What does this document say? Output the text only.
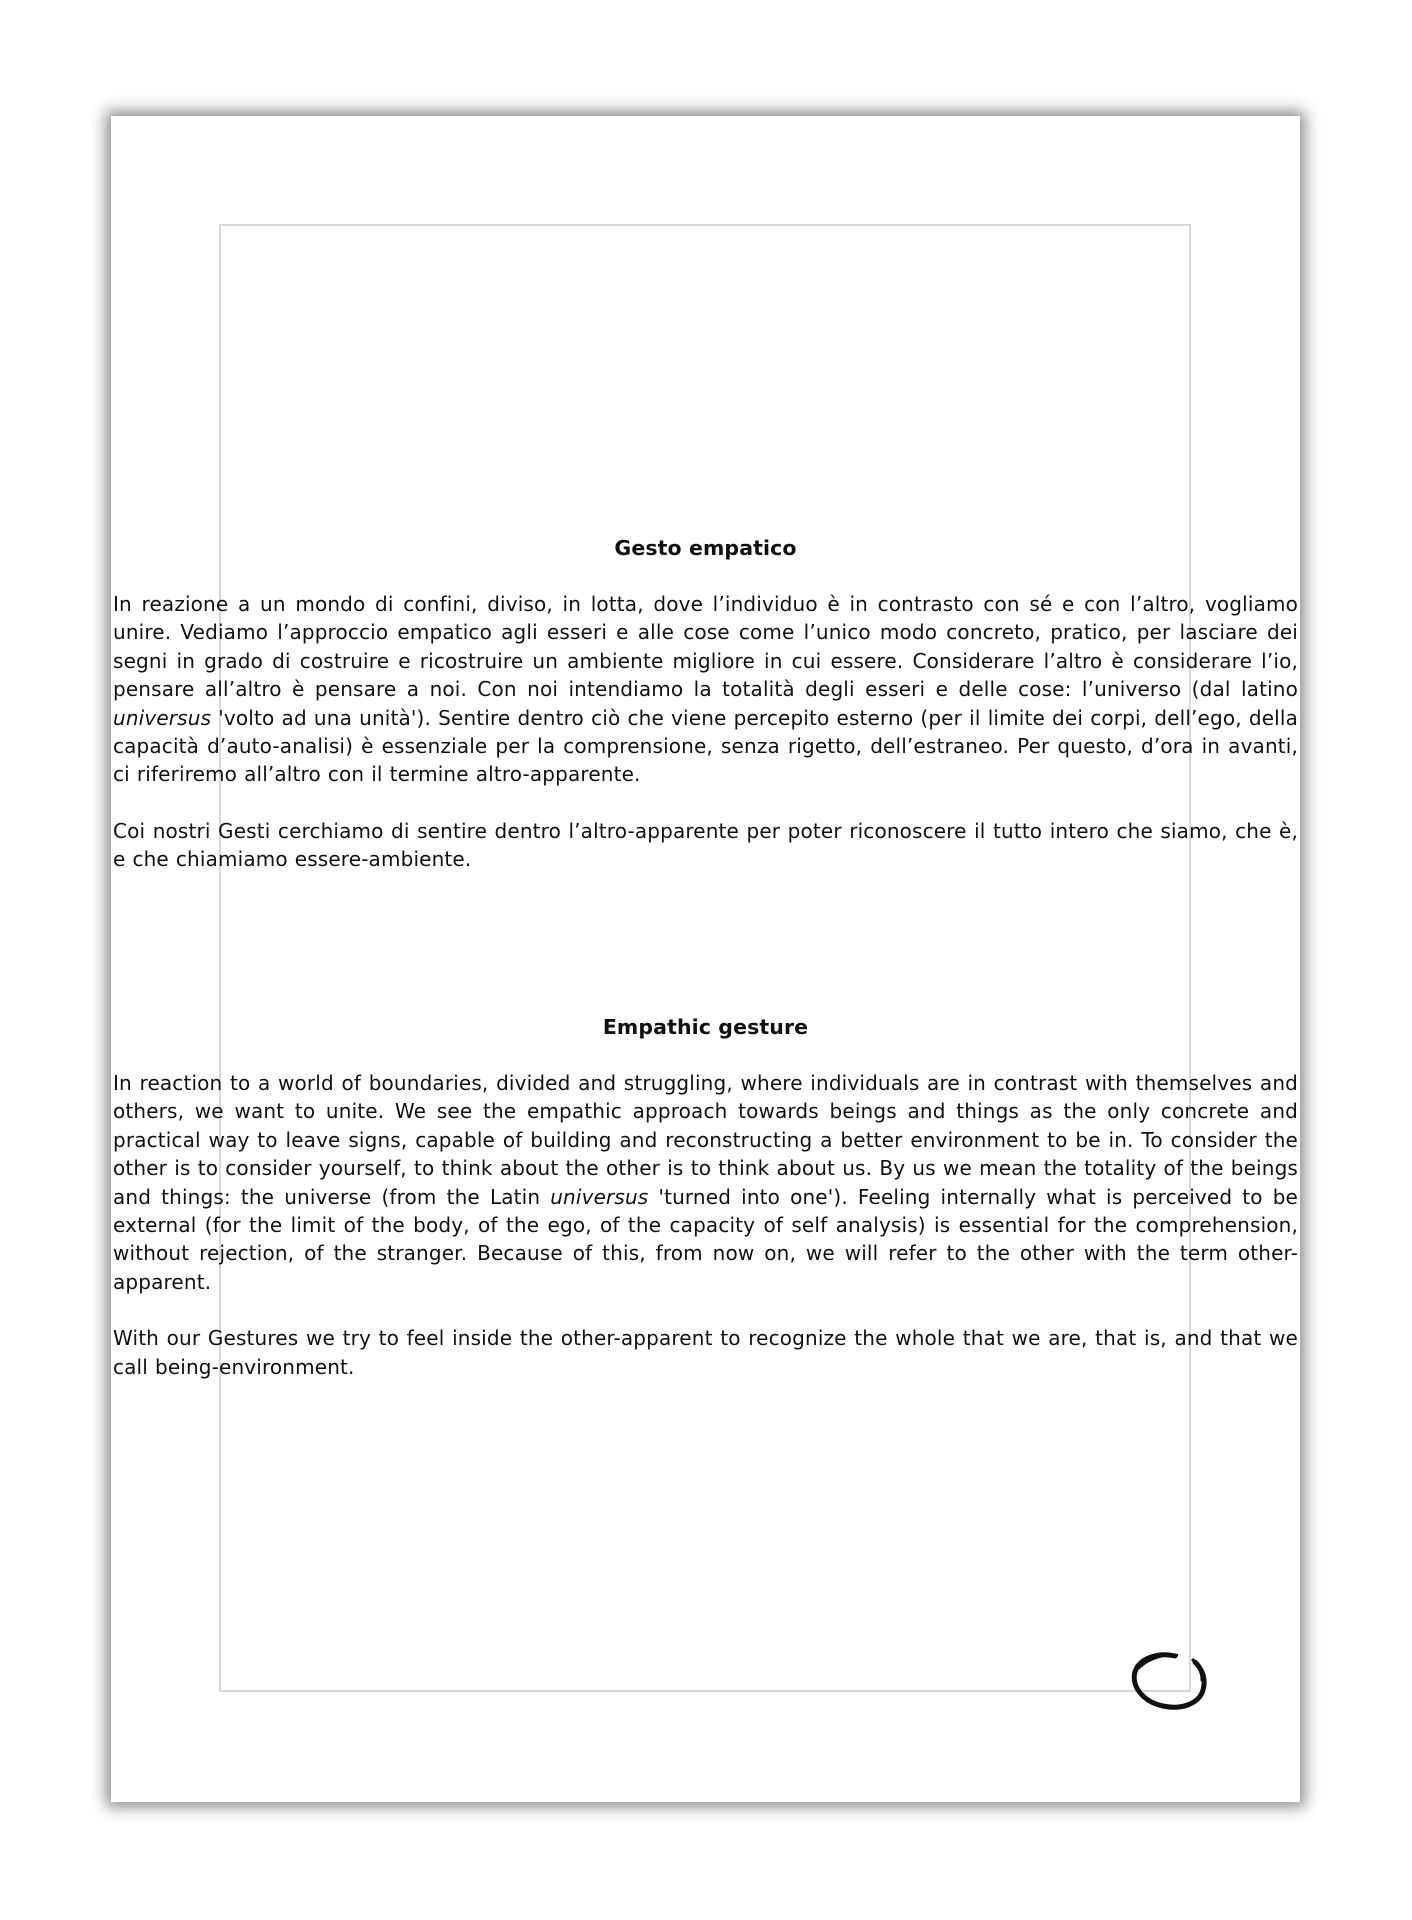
Gesto empatico

In reazione a un mondo di confini, diviso, in lotta, dove l’individuo è in contrasto con sé e con l’altro, vogliamo unire. Vediamo l’approccio empatico agli esseri e alle cose come l’unico modo concreto, pratico, per lasciare dei segni in grado di costruire e ricostruire un ambiente migliore in cui essere. Considerare l’altro è considerare l’io, pensare all’altro è pensare a noi. Con noi intendiamo la totalità degli esseri e delle cose: l’universo (dal latino universus 'volto ad una unità'). Sentire dentro ciò che viene percepito esterno (per il limite dei corpi, dell’ego, della capacità d’auto-analisi) è essenziale per la comprensione, senza rigetto, dell’estraneo. Per questo, d’ora in avanti, ci riferiremo all’altro con il termine altro-apparente.

Coi nostri Gesti cerchiamo di sentire dentro l’altro-apparente per poter riconoscere il tutto intero che siamo, che è, e che chiamiamo essere-ambiente.

Empathic gesture

In reaction to a world of boundaries, divided and struggling, where individuals are in contrast with themselves and others, we want to unite. We see the empathic approach towards beings and things as the only concrete and practical way to leave signs, capable of building and reconstructing a better environment to be in. To consider the other is to consider yourself, to think about the other is to think about us. By us we mean the totality of the beings and things: the universe (from the Latin universus 'turned into one'). Feeling internally what is perceived to be external (for the limit of the body, of the ego, of the capacity of self analysis) is essential for the comprehension, without rejection, of the stranger. Because of this, from now on, we will refer to the other with the term other-apparent.

With our Gestures we try to feel inside the other-apparent to recognize the whole that we are, that is, and that we call being-environment.
